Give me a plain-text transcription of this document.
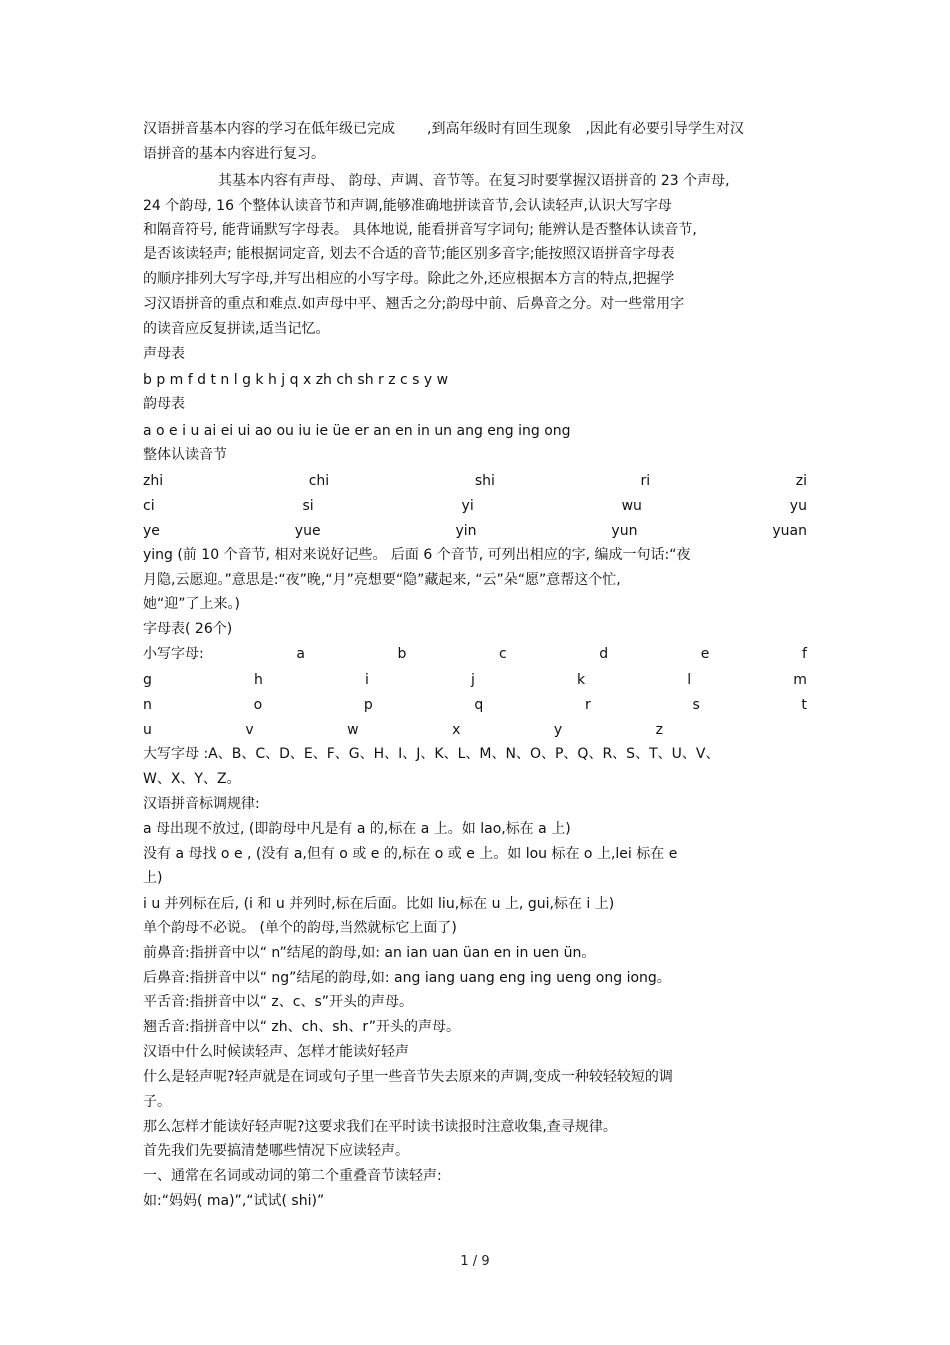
汉语拼音基本内容的学习在低年级已完成 ,到高年级时有回生现象 ,因此有必要引导学生对汉
语拼音的基本内容进行复习。
其基本内容有声母、 韵母、声调、音节等。在复习时要掌握汉语拼音的 23 个声母,
24 个韵母, 16 个整体认读音节和声调,能够准确地拼读音节,会认读轻声,认识大写字母
和隔音符号, 能背诵默写字母表。 具体地说, 能看拼音写字词句; 能辨认是否整体认读音节,
是否该读轻声; 能根据词定音, 划去不合适的音节;能区别多音字;能按照汉语拼音字母表
的顺序排列大写字母,并写出相应的小写字母。除此之外,还应根据本方言的特点,把握学
习汉语拼音的重点和难点.如声母中平、翘舌之分;韵母中前、后鼻音之分。对一些常用字
的读音应反复拼读,适当记忆。
声母表
b p m f d t n l g k h j q x zh ch sh r z c s y w
韵母表
a o e i u ai ei ui ao ou iu ie üe er an en in un ang eng ing ong
整体认读音节
zhi	chi	shi	ri	zi
ci	si	yi	wu	yu
ye	yue	yin	yun	yuan
ying (前 10 个音节, 相对来说好记些。 后面 6 个音节, 可列出相应的字, 编成一句话:“夜
月隐,云愿迎。”意思是:“夜”晚,“月”亮想要“隐”藏起来, “云”朵“愿”意帮这个忙,
她“迎”了上来。)
字母表( 26个)
小写字母:	a	b	c	d	e	f
g	h	i	j	k	l	m
n	o	p	q	r	s	t
u	v	w	x	y	z
大写字母 :A、B、C、D、E、F、G、H、I、J、K、L、M、N、O、P、Q、R、S、T、U、V、
W、X、Y、Z。
汉语拼音标调规律:
a 母出现不放过, (即韵母中凡是有 a 的,标在 a 上。如 lao,标在 a 上)
没有 a 母找 o e , (没有 a,但有 o 或 e 的,标在 o 或 e 上。如 lou 标在 o 上,lei 标在 e
上)
i u 并列标在后, (i 和 u 并列时,标在后面。比如 liu,标在 u 上, gui,标在 i 上)
单个韵母不必说。 (单个的韵母,当然就标它上面了)
前鼻音:指拼音中以“ n”结尾的韵母,如: an ian uan üan en in uen ün。
后鼻音:指拼音中以“ ng”结尾的韵母,如: ang iang uang eng ing ueng ong iong。
平舌音:指拼音中以“ z、c、s”开头的声母。
翘舌音:指拼音中以“ zh、ch、sh、r”开头的声母。
汉语中什么时候读轻声、怎样才能读好轻声
什么是轻声呢?轻声就是在词或句子里一些音节失去原来的声调,变成一种较轻较短的调
子。
那么怎样才能读好轻声呢?这要求我们在平时读书读报时注意收集,查寻规律。
首先我们先要搞清楚哪些情况下应读轻声。
一、通常在名词或动词的第二个重叠音节读轻声:
如:“妈妈( ma)”,“试试( shi)”
1 / 9
